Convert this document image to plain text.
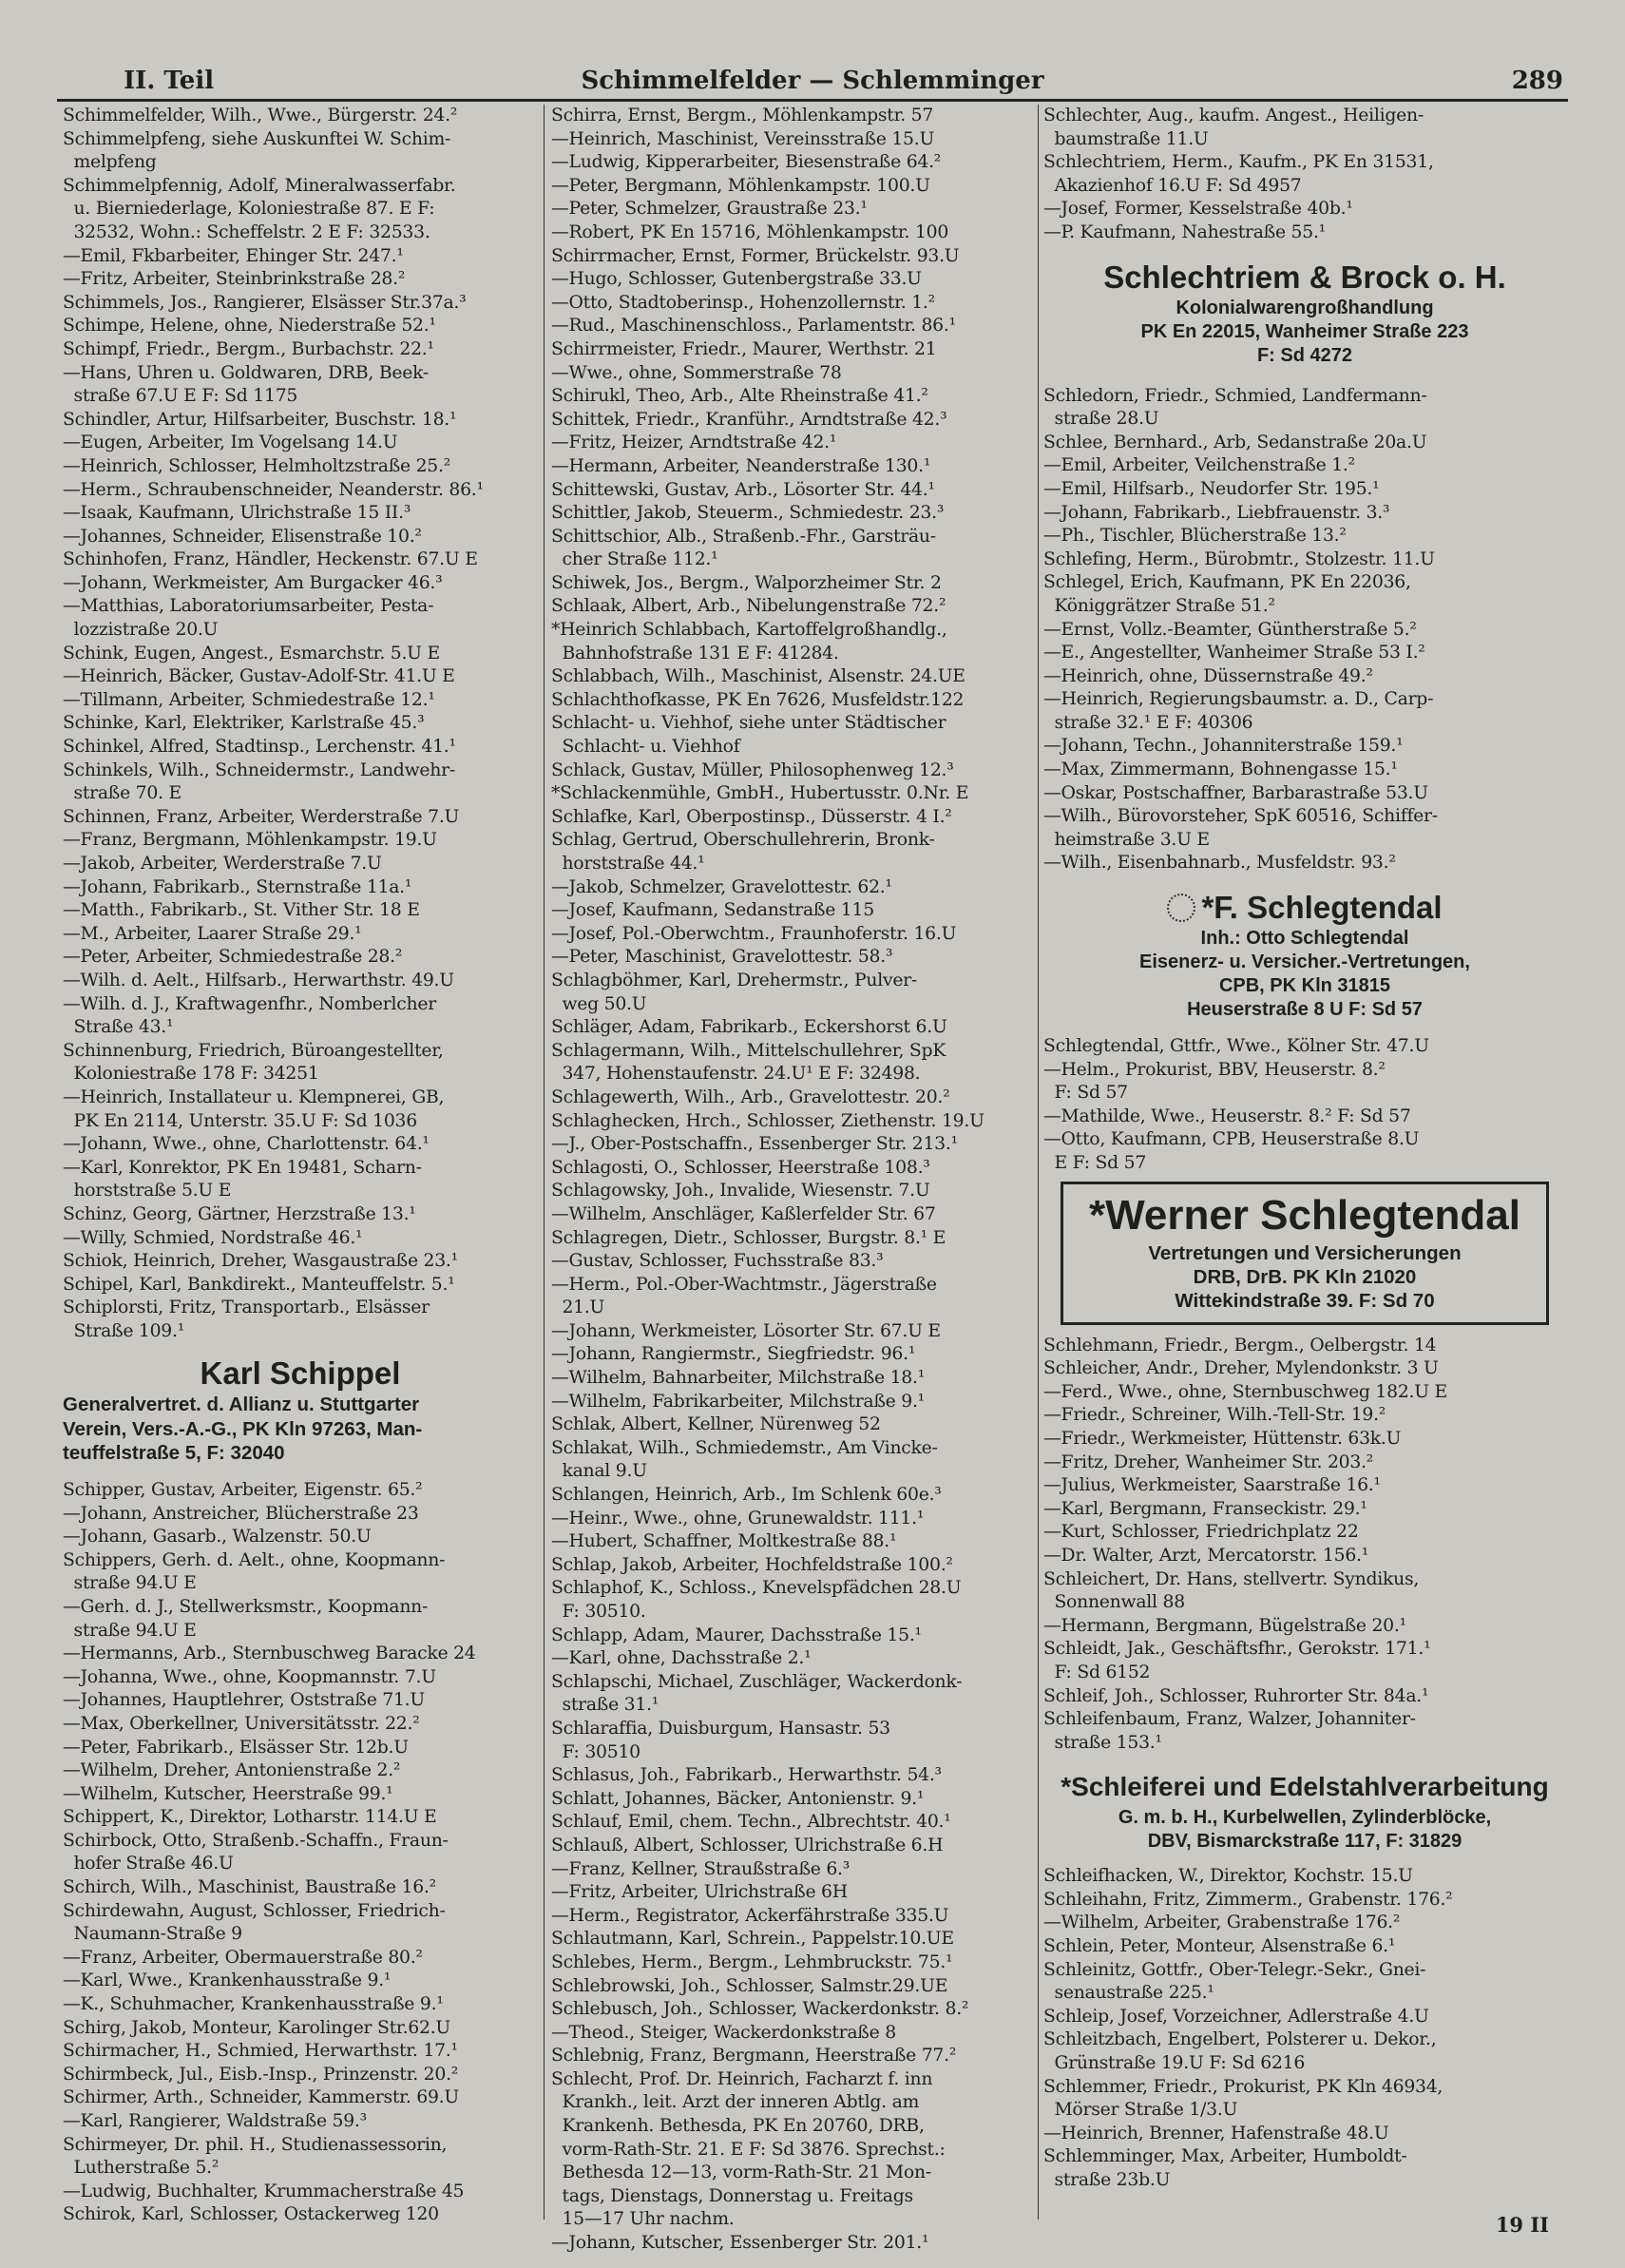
II. Teil	Schimmelfelder — Schlemminger	289
Schimmelfelder, Wilh., Wwe., Bürgerstr. 24.²
Schimmelpfeng, siehe Auskunftei W. Schim-
melpfeng
Schimmelpfennig, Adolf, Mineralwasserfabr.
u. Bierniederlage, Koloniestraße 87. E F:
32532, Wohn.: Scheffelstr. 2 E F: 32533.
—Emil, Fkbarbeiter, Ehinger Str. 247.¹
—Fritz, Arbeiter, Steinbrinkstraße 28.²
Schimmels, Jos., Rangierer, Elsässer Str.37a.³
Schimpe, Helene, ohne, Niederstraße 52.¹
Schimpf, Friedr., Bergm., Burbachstr. 22.¹
—Hans, Uhren u. Goldwaren, DRB, Beek-
straße 67.U E F: Sd 1175
Schindler, Artur, Hilfsarbeiter, Buschstr. 18.¹
—Eugen, Arbeiter, Im Vogelsang 14.U
—Heinrich, Schlosser, Helmholtzstraße 25.²
—Herm., Schraubenschneider, Neanderstr. 86.¹
—Isaak, Kaufmann, Ulrichstraße 15 II.³
—Johannes, Schneider, Elisenstraße 10.²
Schinhofen, Franz, Händler, Heckenstr. 67.U E
—Johann, Werkmeister, Am Burgacker 46.³
—Matthias, Laboratoriumsarbeiter, Pesta-
lozzistraße 20.U
Schink, Eugen, Angest., Esmarchstr. 5.U E
—Heinrich, Bäcker, Gustav-Adolf-Str. 41.U E
—Tillmann, Arbeiter, Schmiedestraße 12.¹
Schinke, Karl, Elektriker, Karlstraße 45.³
Schinkel, Alfred, Stadtinsp., Lerchenstr. 41.¹
Schinkels, Wilh., Schneidermstr., Landwehr-
straße 70. E
Schinnen, Franz, Arbeiter, Werderstraße 7.U
—Franz, Bergmann, Möhlenkampstr. 19.U
—Jakob, Arbeiter, Werderstraße 7.U
—Johann, Fabrikarb., Sternstraße 11a.¹
—Matth., Fabrikarb., St. Vither Str. 18 E
—M., Arbeiter, Laarer Straße 29.¹
—Peter, Arbeiter, Schmiedestraße 28.²
—Wilh. d. Aelt., Hilfsarb., Herwarthstr. 49.U
—Wilh. d. J., Kraftwagenfhr., Nomberlcher
Straße 43.¹
Schinnenburg, Friedrich, Büroangestellter,
Koloniestraße 178 F: 34251
—Heinrich, Installateur u. Klempnerei, GB,
PK En 2114, Unterstr. 35.U F: Sd 1036
—Johann, Wwe., ohne, Charlottenstr. 64.¹
—Karl, Konrektor, PK En 19481, Scharn-
horststraße 5.U E
Schinz, Georg, Gärtner, Herzstraße 13.¹
—Willy, Schmied, Nordstraße 46.¹
Schiok, Heinrich, Dreher, Wasgaustraße 23.¹
Schipel, Karl, Bankdirekt., Manteuffelstr. 5.¹
Schiplorsti, Fritz, Transportarb., Elsässer
Straße 109.¹
Karl Schippel
Generalvertret. d. Allianz u. Stuttgarter
Verein, Vers.-A.-G., PK Kln 97263, Man-
teuffelstraße 5, F: 32040
Schipper, Gustav, Arbeiter, Eigenstr. 65.²
—Johann, Anstreicher, Blücherstraße 23
—Johann, Gasarb., Walzenstr. 50.U
Schippers, Gerh. d. Aelt., ohne, Koopmann-
straße 94.U E
—Gerh. d. J., Stellwerksmstr., Koopmann-
straße 94.U E
—Hermanns, Arb., Sternbuschweg Baracke 24
—Johanna, Wwe., ohne, Koopmannstr. 7.U
—Johannes, Hauptlehrer, Oststraße 71.U
—Max, Oberkellner, Universitätsstr. 22.²
—Peter, Fabrikarb., Elsässer Str. 12b.U
—Wilhelm, Dreher, Antonienstraße 2.²
—Wilhelm, Kutscher, Heerstraße 99.¹
Schippert, K., Direktor, Lotharstr. 114.U E
Schirbock, Otto, Straßenb.-Schaffn., Fraun-
hofer Straße 46.U
Schirch, Wilh., Maschinist, Baustraße 16.²
Schirdewahn, August, Schlosser, Friedrich-
Naumann-Straße 9
—Franz, Arbeiter, Obermauerstraße 80.²
—Karl, Wwe., Krankenhausstraße 9.¹
—K., Schuhmacher, Krankenhausstraße 9.¹
Schirg, Jakob, Monteur, Karolinger Str.62.U
Schirmacher, H., Schmied, Herwarthstr. 17.¹
Schirmbeck, Jul., Eisb.-Insp., Prinzenstr. 20.²
Schirmer, Arth., Schneider, Kammerstr. 69.U
—Karl, Rangierer, Waldstraße 59.³
Schirmeyer, Dr. phil. H., Studienassessorin,
Lutherstraße 5.²
—Ludwig, Buchhalter, Krummacherstraße 45
Schirok, Karl, Schlosser, Ostackerweg 120
Schirra, Ernst, Bergm., Möhlenkampstr. 57
—Heinrich, Maschinist, Vereinsstraße 15.U
—Ludwig, Kipperarbeiter, Biesenstraße 64.²
—Peter, Bergmann, Möhlenkampstr. 100.U
—Peter, Schmelzer, Graustraße 23.¹
—Robert, PK En 15716, Möhlenkampstr. 100
Schirrmacher, Ernst, Former, Brückelstr. 93.U
—Hugo, Schlosser, Gutenbergstraße 33.U
—Otto, Stadtoberinsp., Hohenzollernstr. 1.²
—Rud., Maschinenschloss., Parlamentstr. 86.¹
Schirrmeister, Friedr., Maurer, Werthstr. 21
—Wwe., ohne, Sommerstraße 78
Schirukl, Theo, Arb., Alte Rheinstraße 41.²
Schittek, Friedr., Kranführ., Arndtstraße 42.³
—Fritz, Heizer, Arndtstraße 42.¹
—Hermann, Arbeiter, Neanderstraße 130.¹
Schittewski, Gustav, Arb., Lösorter Str. 44.¹
Schittler, Jakob, Steuerm., Schmiedestr. 23.³
Schittschior, Alb., Straßenb.-Fhr., Garsträu-
cher Straße 112.¹
Schiwek, Jos., Bergm., Walporzheimer Str. 2
Schlaak, Albert, Arb., Nibelungenstraße 72.²
*Heinrich Schlabbach, Kartoffelgroßhandlg.,
Bahnhofstraße 131 E F: 41284.
Schlabbach, Wilh., Maschinist, Alsenstr. 24.UE
Schlachthofkasse, PK En 7626, Musfeldstr.122
Schlacht- u. Viehhof, siehe unter Städtischer
Schlacht- u. Viehhof
Schlack, Gustav, Müller, Philosophenweg 12.³
*Schlackenmühle, GmbH., Hubertusstr. 0.Nr. E
Schlafke, Karl, Oberpostinsp., Düsserstr. 4 I.²
Schlag, Gertrud, Oberschullehrerin, Bronk-
horststraße 44.¹
—Jakob, Schmelzer, Gravelottestr. 62.¹
—Josef, Kaufmann, Sedanstraße 115
—Josef, Pol.-Oberwchtm., Fraunhoferstr. 16.U
—Peter, Maschinist, Gravelottestr. 58.³
Schlagböhmer, Karl, Drehermstr., Pulver-
weg 50.U
Schläger, Adam, Fabrikarb., Eckershorst 6.U
Schlagermann, Wilh., Mittelschullehrer, SpK
347, Hohenstaufenstr. 24.U¹ E F: 32498.
Schlagewerth, Wilh., Arb., Gravelottestr. 20.²
Schlaghecken, Hrch., Schlosser, Ziethenstr. 19.U
—J., Ober-Postschaffn., Essenberger Str. 213.¹
Schlagosti, O., Schlosser, Heerstraße 108.³
Schlagowsky, Joh., Invalide, Wiesenstr. 7.U
—Wilhelm, Anschläger, Kaßlerfelder Str. 67
Schlagregen, Dietr., Schlosser, Burgstr. 8.¹ E
—Gustav, Schlosser, Fuchsstraße 83.³
—Herm., Pol.-Ober-Wachtmstr., Jägerstraße
21.U
—Johann, Werkmeister, Lösorter Str. 67.U E
—Johann, Rangiermstr., Siegfriedstr. 96.¹
—Wilhelm, Bahnarbeiter, Milchstraße 18.¹
—Wilhelm, Fabrikarbeiter, Milchstraße 9.¹
Schlak, Albert, Kellner, Nürenweg 52
Schlakat, Wilh., Schmiedemstr., Am Vincke-
kanal 9.U
Schlangen, Heinrich, Arb., Im Schlenk 60e.³
—Heinr., Wwe., ohne, Grunewaldstr. 111.¹
—Hubert, Schaffner, Moltkestraße 88.¹
Schlap, Jakob, Arbeiter, Hochfeldstraße 100.²
Schlaphof, K., Schloss., Knevelspfädchen 28.U
F: 30510.
Schlapp, Adam, Maurer, Dachsstraße 15.¹
—Karl, ohne, Dachsstraße 2.¹
Schlapschi, Michael, Zuschläger, Wackerdonk-
straße 31.¹
Schlaraffia, Duisburgum, Hansastr. 53
F: 30510
Schlasus, Joh., Fabrikarb., Herwarthstr. 54.³
Schlatt, Johannes, Bäcker, Antonienstr. 9.¹
Schlauf, Emil, chem. Techn., Albrechtstr. 40.¹
Schlauß, Albert, Schlosser, Ulrichstraße 6.H
—Franz, Kellner, Straußstraße 6.³
—Fritz, Arbeiter, Ulrichstraße 6H
—Herm., Registrator, Ackerfährstraße 335.U
Schlautmann, Karl, Schrein., Pappelstr.10.UE
Schlebes, Herm., Bergm., Lehmbruckstr. 75.¹
Schlebrowski, Joh., Schlosser, Salmstr.29.UE
Schlebusch, Joh., Schlosser, Wackerdonkstr. 8.²
—Theod., Steiger, Wackerdonkstraße 8
Schlebnig, Franz, Bergmann, Heerstraße 77.²
Schlecht, Prof. Dr. Heinrich, Facharzt f. inn
Krankh., leit. Arzt der inneren Abtlg. am
Krankenh. Bethesda, PK En 20760, DRB,
vorm-Rath-Str. 21. E F: Sd 3876. Sprechst.:
Bethesda 12—13, vorm-Rath-Str. 21 Mon-
tags, Dienstags, Donnerstag u. Freitags
15—17 Uhr nachm.
—Johann, Kutscher, Essenberger Str. 201.¹
Schlechter, Aug., kaufm. Angest., Heiligen-
baumstraße 11.U
Schlechtriem, Herm., Kaufm., PK En 31531,
Akazienhof 16.U F: Sd 4957
—Josef, Former, Kesselstraße 40b.¹
—P. Kaufmann, Nahestraße 55.¹
Schlechtriem & Brock o. H.
Kolonialwarengroßhandlung
PK En 22015, Wanheimer Straße 223
F: Sd 4272
Schledorn, Friedr., Schmied, Landfermann-
straße 28.U
Schlee, Bernhard., Arb, Sedanstraße 20a.U
—Emil, Arbeiter, Veilchenstraße 1.²
—Emil, Hilfsarb., Neudorfer Str. 195.¹
—Johann, Fabrikarb., Liebfrauenstr. 3.³
—Ph., Tischler, Blücherstraße 13.²
Schlefing, Herm., Bürobmtr., Stolzestr. 11.U
Schlegel, Erich, Kaufmann, PK En 22036,
Königgrätzer Straße 51.²
—Ernst, Vollz.-Beamter, Güntherstraße 5.²
—E., Angestellter, Wanheimer Straße 53 I.²
—Heinrich, ohne, Düssernstraße 49.²
—Heinrich, Regierungsbaumstr. a. D., Carp-
straße 32.¹ E F: 40306
—Johann, Techn., Johanniterstraße 159.¹
—Max, Zimmermann, Bohnengasse 15.¹
—Oskar, Postschaffner, Barbarastraße 53.U
—Wilh., Bürovorsteher, SpK 60516, Schiffer-
heimstraße 3.U E
—Wilh., Eisenbahnarb., Musfeldstr. 93.²
*F. Schlegtendal
Inh.: Otto Schlegtendal
Eisenerz- u. Versicher.-Vertretungen,
CPB, PK Kln 31815
Heuserstraße 8 U F: Sd 57
Schlegtendal, Gttfr., Wwe., Kölner Str. 47.U
—Helm., Prokurist, BBV, Heuserstr. 8.²
F: Sd 57
—Mathilde, Wwe., Heuserstr. 8.² F: Sd 57
—Otto, Kaufmann, CPB, Heuserstraße 8.U
E F: Sd 57
*Werner Schlegtendal
Vertretungen und Versicherungen
DRB, DrB. PK Kln 21020
Wittekindstraße 39. F: Sd 70
Schlehmann, Friedr., Bergm., Oelbergstr. 14
Schleicher, Andr., Dreher, Mylendonkstr. 3 U
—Ferd., Wwe., ohne, Sternbuschweg 182.U E
—Friedr., Schreiner, Wilh.-Tell-Str. 19.²
—Friedr., Werkmeister, Hüttenstr. 63k.U
—Fritz, Dreher, Wanheimer Str. 203.²
—Julius, Werkmeister, Saarstraße 16.¹
—Karl, Bergmann, Franseckistr. 29.¹
—Kurt, Schlosser, Friedrichplatz 22
—Dr. Walter, Arzt, Mercatorstr. 156.¹
Schleichert, Dr. Hans, stellvertr. Syndikus,
Sonnenwall 88
—Hermann, Bergmann, Bügelstraße 20.¹
Schleidt, Jak., Geschäftsfhr., Gerokstr. 171.¹
F: Sd 6152
Schleif, Joh., Schlosser, Ruhrorter Str. 84a.¹
Schleifenbaum, Franz, Walzer, Johanniter-
straße 153.¹
*Schleiferei und Edelstahlverarbeitung
G. m. b. H., Kurbelwellen, Zylinderblöcke,
DBV, Bismarckstraße 117, F: 31829
Schleifhacken, W., Direktor, Kochstr. 15.U
Schleihahn, Fritz, Zimmerm., Grabenstr. 176.²
—Wilhelm, Arbeiter, Grabenstraße 176.²
Schlein, Peter, Monteur, Alsenstraße 6.¹
Schleinitz, Gottfr., Ober-Telegr.-Sekr., Gnei-
senaustraße 225.¹
Schleip, Josef, Vorzeichner, Adlerstraße 4.U
Schleitzbach, Engelbert, Polsterer u. Dekor.,
Grünstraße 19.U F: Sd 6216
Schlemmer, Friedr., Prokurist, PK Kln 46934,
Mörser Straße 1/3.U
—Heinrich, Brenner, Hafenstraße 48.U
Schlemminger, Max, Arbeiter, Humboldt-
straße 23b.U
19 II
